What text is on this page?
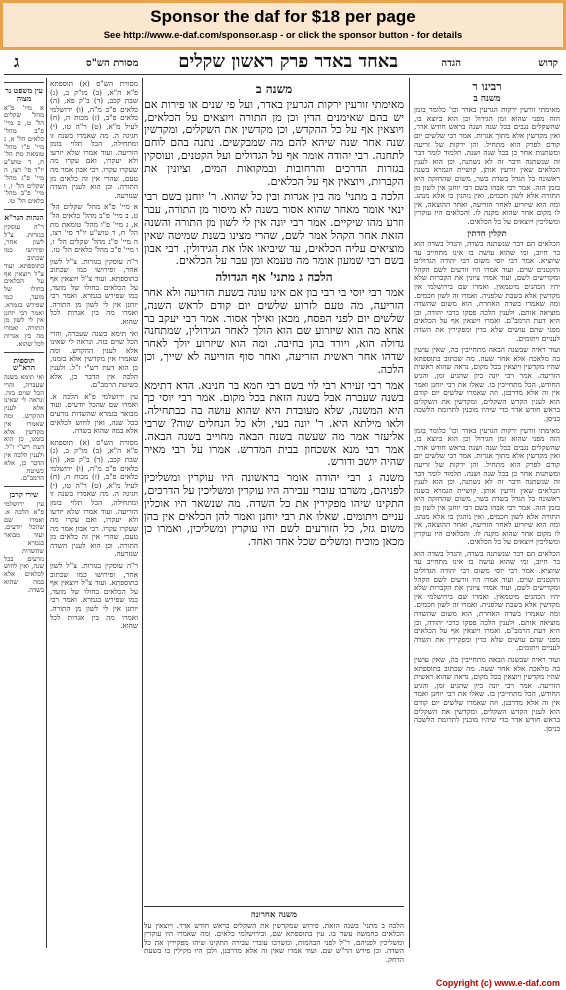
Sponsor the daf for $18 per page
See http://www.e-daf.com/sponsor.asp - or click the sponsor button - for details
קדוש
באחד באדר פרק ראשון שקלים	הגדה
מסורת הש"ס
ג
רבינו ר
משנה ב

מאימתי זורעין ירקות הגרעין באדר וכו' כלומר בזמן הזה מפני שהוא זמן הגידול וכן הוא ביוצא בו, שהשקלים נגבים בכל שנה ושנה בראש חודש אדר, ואין מקדשין אלא מתוך אגרות. אמר רבי שלשים יום קודם לפרק הוא מתחיל. והן ירקות של זריעה ומשתנות אחר כן בכל שנה ושנה. תלמוד לומר דבר זה שנשתנה ודבר זה לא נשתנה, וכן הוא לענין הכלאים שאין זורעין אותן. קושיית הגמרא בשנה ראשונה כל הגדל בשדה כשר, משום שהחזקה היא בזמן הזה. אמר רבי אבהו בשם רבי יוחנן אין לשון מן התורה אלא לשון חכמים, ואין נוהגין בו אלא מנהג. ומה הוא שיזרוע לאחר הזריעה, ואחר ההוצאה, אין לו מקום אחר שהוא מקנה לו. והכלאים היו עוקרין ומשליכין ויוצאים על כל הכלאים.

תקלין חדתין

הכלאים הם דבר שנשתנה בשדה, והגדל בשדה הוא בר חיוב, ומי שהוא עושה בו אינו מתחייב עד שיוציא. אמר רבי יוסי משום רבי יהודה הגדולים והקטנים שוים. ועוד אמרו היו זורעים לשם הקהל ומקדישים לשם, ועוד אמרו ציונין את הקברות שלא יהיו הכהנים מיטמאין. ואמרו שם בירושלמי אין מקדשין אלא בשבת שלפניה. ואמרו זה לשון חכמים. ומה שאמרו בשדה האחרת, הוא משום שהשדה מוציאה אותם. ולענין הלכה פסקו כרבי יהודה, וכן היא דעת הרמב"ם. ואמרו ויוצאין אף על הכלאים מפני שהם עושים שלא כדין ומפקירין את השדה לעניים ויתומים.

ועוד ראיה שבשנה הבאה מתחייבין בה, שאין עושין בה מלאכה אלא אחר שעה. מה שכתוב בתוספתא שהיו מקדשין ויוצאין בכל מקום, נראה שהוא ראשית הזריעה. אמר רבי יונה כיון שהגיע זמן, והגיע החודש, הכל מתחייבין בו. שאלו את רבי יוחנן ואמר אין זה אלא מדרבנן. וזה שאמרו שלשים יום קודם הוא לענין הקדש השקלים, ומקדשין את השקלים בראש חודש אדר כדי שיהיו מוכנין לתרומת הלשכה בניסן.

מאימתי זורעין ירקות הגרעין באדר וכו' כלומר בזמן הזה מפני שהוא זמן הגידול וכן הוא ביוצא בו, שהשקלים נגבים בכל שנה ושנה בראש חודש אדר, ואין מקדשין אלא מתוך אגרות. אמר רבי שלשים יום קודם לפרק הוא מתחיל. והן ירקות של זריעה ומשתנות אחר כן בכל שנה ושנה. תלמוד לומר דבר זה שנשתנה ודבר זה לא נשתנה, וכן הוא לענין הכלאים שאין זורעין אותן. קושיית הגמרא בשנה ראשונה כל הגדל בשדה כשר, משום שהחזקה היא בזמן הזה. אמר רבי אבהו בשם רבי יוחנן אין לשון מן התורה אלא לשון חכמים, ואין נוהגין בו אלא מנהג. ומה הוא שיזרוע לאחר הזריעה, ואחר ההוצאה, אין לו מקום אחר שהוא מקנה לו. והכלאים היו עוקרין ומשליכין ויוצאים על כל הכלאים.

הכלאים הם דבר שנשתנה בשדה, והגדל בשדה הוא בר חיוב, ומי שהוא עושה בו אינו מתחייב עד שיוציא. אמר רבי יוסי משום רבי יהודה הגדולים והקטנים שוים. ועוד אמרו היו זורעים לשם הקהל ומקדישים לשם, ועוד אמרו ציונין את הקברות שלא יהיו הכהנים מיטמאין. ואמרו שם בירושלמי אין מקדשין אלא בשבת שלפניה. ואמרו זה לשון חכמים. ומה שאמרו בשדה האחרת, הוא משום שהשדה מוציאה אותם. ולענין הלכה פסקו כרבי יהודה, וכן היא דעת הרמב"ם. ואמרו ויוצאין אף על הכלאים מפני שהם עושים שלא כדין ומפקירין את השדה לעניים ויתומים.

ועוד ראיה שבשנה הבאה מתחייבין בה, שאין עושין בה מלאכה אלא אחר שעה. מה שכתוב בתוספתא שהיו מקדשין ויוצאין בכל מקום, נראה שהוא ראשית הזריעה. אמר רבי יונה כיון שהגיע זמן, והגיע החודש, הכל מתחייבין בו. שאלו את רבי יוחנן ואמר אין זה אלא מדרבנן. וזה שאמרו שלשים יום קודם הוא לענין הקדש השקלים, ומקדשין את השקלים בראש חודש אדר כדי שיהיו מוכנין לתרומת הלשכה בניסן.

משנה ב

מאימתי זורעין ירקות הגרעין באדר, ועל פי שנים או פירות אם יש בהם שאימנים הדין וכן מן התורה ויוצאים על הכלאים, ויוצאין אף על כל ההקדש, וכן מקדשין את השקלים, ומקדשין שנה אחר שנה שיהא להם מה שמבקשים. נתנה בהם לוחם לתחנה. רבי יהודה אומר אף על הגדולים ועל הקטנים, ועוסקין בגזרות הדרכים והרחובות ובמקואות המים, וציונין את הקברות, ויוצאין אף על הכלאים.

הלכה ב מתני' מה בין אגרות ובין כל שהוא. ר' יוחנן בשם רבי ינאי אומר מאחר שהוא אסור בשנה לא מיסור מן התורה, עבר וזרע מהו שיקיים. אמר רבי יונה אין לי לשון מן התורה והשנה הזאת אחר הקהל אמר לשם, שהרי מצינו בשנת שמיטה שאין מוציאים עליה הכלאים, עד שיביאו אלו את הגידולין. רבי אבון בשם רבי שמעון אומר מה טעמא ומן עבר על הכלאים.

הלכה ג מתני' אף הגדולה

אמר רבי יוסי בי רבי בון אם אינו עונה בשעת הזריעה ולא אחר הזריעה, מה טעם לזרוע שלשים יום קודם לראש השנה, שלשים יום לפני הפסח, מכאן ואילך אסור. אמר רבי יעקב בר אחא מה הוא שיזרוע שם הוא הולך לאחר הגידולין, שמתחנה גדולה הוא, ויורד בהן בחיבה. ומה הוא שיזרוע יולך לאחר שדהו אחר ראשית הזריעה, ואחר סוף הזריעה לא שייך, וכן הלכה.

אמר רבי זעירא רבי לוי בשם רבי חמא בר חנינא. הדא דתימא בשנה שעברה אבל בשנה הזאת בכל מקום. אמר רבי יוסי כך היא המשנה, שלא מעובדת היא שהוא עושה בה כבתחילה. ולאו מילתא היא. ר' יונה בעי, ולא כל הנחלים שוה? שרבי אליעזר אמר מה שעשה בשנה הבאה מחוייב בשנה הבאה. אמר רבי מנא אשכחון בבית המדרש. אמרו על רבי מאיר שהיה יושב ודורש.

משנה ג רבי יהודה אומר בראשונה היו עוקרין ומשליכין לפניהם, משרבו עוברי עבירה היו עוקרין ומשליכין על הדרכים, התקינו שיהו מפקירין את כל השדה. מה שנשאר היו אוכלין עניים ויתומים. שאלו את רבי יוחנן ואמר להן הכלאים אין בהן משום גזל, כל הזורעים לשם היו עוקרין ומשליכין, ואמרו כן מכאן מוכיח ומשלים שכל אחד ואחד.

משנה אחרונה

הלכה ב מתני' בשנה הזאת. פירוש שמקדשין את השקלים בראש חודש אדר. ויוצאין על הכלאים בחמשה עשר בו. עין בתוספתא שם, ובירושלמי כלאים. ומה שאמרו היו עוקרין ומשליכין לפניהם, ר"ל לפני הבהמות, ומשרבו עוברי עבירה התקינו שיהו מפקירין את כל השדה. וכן פירש הר"ש שם. ועוד אמרו שאין זה אלא מדרבנן, ולכן היו מקילין בו בשעת הדחק.

מסורת הש"ס (א) תוספתא פ"א ה"א, (ב) מו"ק ב, (ג) שבת קכב, (ד) ב"ק פא, (ה) כלאים פ"ב מ"ה, (ו) ירושלמי כלאים פ"ב, (ז) מכות ח, (ח) לעיל מ"א, (ט) ר"ה טז, (י) חגיגה ה. מה שאמרו בשנה זו ומתחילה, הכל תלוי בזמן הזריעה. ועוד אמרו שלא יזרעו ולא יעקרו, ואם עקרו מה שעקרו עקרו. רבי אבון אמר מה טעם, שהרי אין זה כלאים מן התורה. וכן הוא לענין השדה שנזרעה.

א מיי' פ"א מהל' שקלים הל' ט, ב מיי' פ"ב מהל' כלאים הל' א, ג מיי' פ"ו מהל' טומאת מת הל' ח, ד טוש"ע יו"ד סי' רצו, ה מיי' פ"ג מהל' שקלים הל' ז, ו מיי' פ"ב מהל' כלאים הל' טו.

ר"ה עוסקין בגזרות. צ"ל לשון אחר, ופירושו כמו שכתוב בתוספתא. ועוד צ"ל ויוצאין אף על הכלאים בחולו של מועד, כמו שפירש בגמרא. ואמר רבי יוחנן אין לי לשון מן התורה. ואמרו מה בין אגרות לכל שהוא.

ואי תימא בשנה שעברה, והרי הכל שוים בזה. ונראה לי שאינו אלא לענין ההקדש. ומה שאמרו אין מקדשין אלא בזמנו, כן הוא דעת רש"י ז"ל. ולענין הלכה אין הדבר כן, אלא כשיטת הרמב"ם.

עין ירושלמי פ"א הלכה א. ואמרו שם שהכל יודעים. ועוד מבואר בגמרא שהשדות נזרעים בכל שנה, ואין לחוש לכלאים אלא במה שהוא בשדה.

מסורת הש"ס (א) תוספתא פ"א ה"א, (ב) מו"ק ב, (ג) שבת קכב, (ד) ב"ק פא, (ה) כלאים פ"ב מ"ה, (ו) ירושלמי כלאים פ"ב, (ז) מכות ח, (ח) לעיל מ"א, (ט) ר"ה טז, (י) חגיגה ה. מה שאמרו בשנה זו ומתחילה, הכל תלוי בזמן הזריעה. ועוד אמרו שלא יזרעו ולא יעקרו, ואם עקרו מה שעקרו עקרו. רבי אבון אמר מה טעם, שהרי אין זה כלאים מן התורה. וכן הוא לענין השדה שנזרעה.

ר"ה עוסקין בגזרות. צ"ל לשון אחר, ופירושו כמו שכתוב בתוספתא. ועוד צ"ל ויוצאין אף על הכלאים בחולו של מועד, כמו שפירש בגמרא. ואמר רבי יוחנן אין לי לשון מן התורה. ואמרו מה בין אגרות לכל שהוא.

עין משפט נר מצוה

א מיי' פ"א מהל' שקלים הל' ט, ב מיי' פ"ב מהל' כלאים הל' א, ג מיי' פ"ו מהל' טומאת מת הל' ח, ד טוש"ע יו"ד סי' רצו, ה מיי' פ"ג מהל' שקלים הל' ז, ו מיי' פ"ב מהל' כלאים הל' טו.

הגהות הגר"א

ר"ה עוסקין בגזרות. צ"ל לשון אחר, ופירושו כמו שכתוב בתוספתא. ועוד צ"ל ויוצאין אף על הכלאים בחולו של מועד, כמו שפירש בגמרא. ואמר רבי יוחנן אין לי לשון מן התורה. ואמרו מה בין אגרות לכל שהוא.

תוספות הרא"ש

ואי תימא בשנה שעברה, והרי הכל שוים בזה. ונראה לי שאינו אלא לענין ההקדש. ומה שאמרו אין מקדשין אלא בזמנו, כן הוא דעת רש"י ז"ל. ולענין הלכה אין הדבר כן, אלא כשיטת הרמב"ם.

שירי קרבן

עין ירושלמי פ"א הלכה א. ואמרו שם שהכל יודעים. ועוד מבואר בגמרא שהשדות נזרעים בכל שנה, ואין לחוש לכלאים אלא במה שהוא בשדה.

Copyright (c) www.e-daf.com
